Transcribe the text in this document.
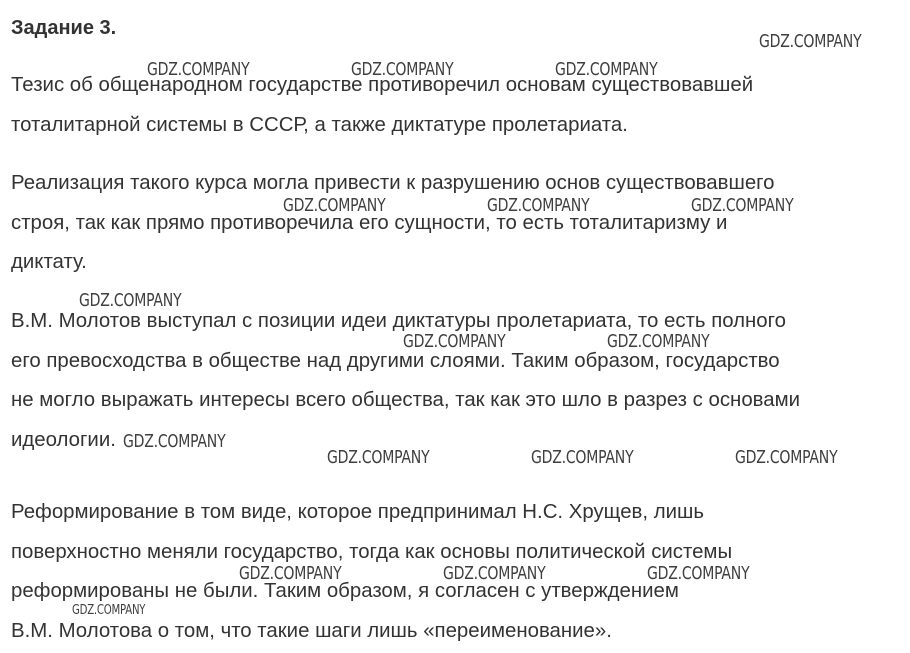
Задание 3.

Тезис об общенародном государстве противоречил основам существовавшей
тоталитарной системы в СССР, а также диктатуре пролетариата.

Реализация такого курса могла привести к разрушению основ существовавшего
строя, так как прямо противоречила его сущности, то есть тоталитаризму и
диктату.

В.М. Молотов выступал с позиции идеи диктатуры пролетариата, то есть полного
его превосходства в обществе над другими слоями. Таким образом, государство
не могло выражать интересы всего общества, так как это шло в разрез с основами
идеологии.

Реформирование в том виде, которое предпринимал Н.С. Хрущев, лишь
поверхностно меняли государство, тогда как основы политической системы
реформированы не были. Таким образом, я согласен с утверждением
В.М. Молотова о том, что такие шаги лишь «переименование».

GDZ.COMPANY
GDZ.COMPANY	GDZ.COMPANY	GDZ.COMPANY
GDZ.COMPANY	GDZ.COMPANY	GDZ.COMPANY
GDZ.COMPANY
GDZ.COMPANY	GDZ.COMPANY
GDZ.COMPANY
GDZ.COMPANY	GDZ.COMPANY	GDZ.COMPANY
GDZ.COMPANY	GDZ.COMPANY	GDZ.COMPANY
GDZ.COMPANY
